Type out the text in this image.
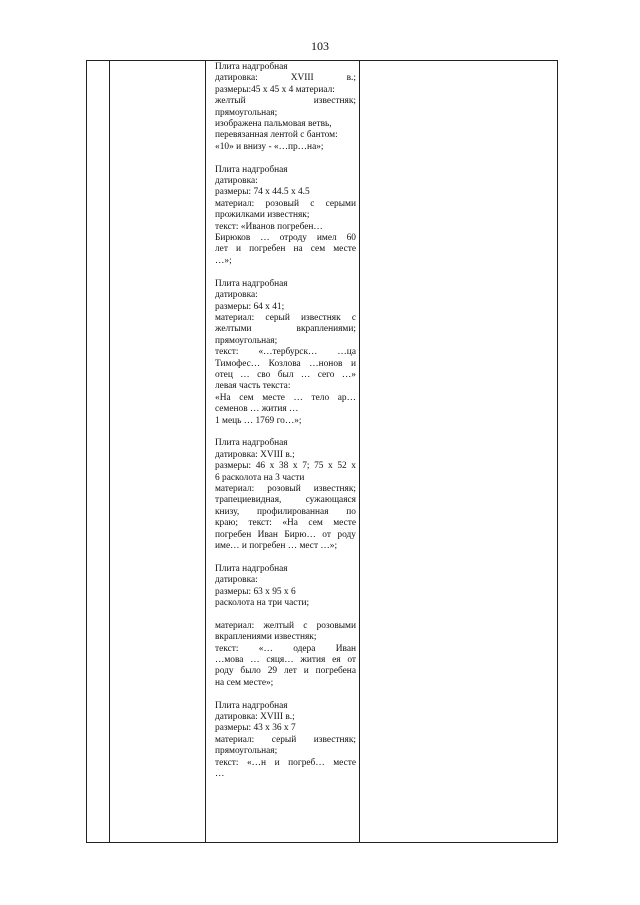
103
Плита надгробная
датировка: XVIII в.;
размеры:45 х 45 х 4 материал:
желтый известняк;
прямоугольная;
изображена пальмовая ветвь,
перевязанная лентой с бантом:
«10» и внизу - «…пр…на»;
Плита надгробная
датировка:
размеры: 74 х 44.5 х 4.5
материал: розовый с серыми
прожилками известняк;
текст: «Иванов погребен…
Бирюков … отроду имел 60
лет и погребен на сем месте
…»;
Плита надгробная
датировка:
размеры: 64 х 41;
материал: серый известняк с
желтыми вкраплениями;
прямоугольная;
текст: «…тербурск… …ца
Тимофес… Козлова …нонов и
отец … сво был … сего …»
левая часть текста:
«На сем месте … тело ар…
семенов … жития …
1 мець … 1769 го…»;
Плита надгробная
датировка: XVIII в.;
размеры: 46 х 38 х 7; 75 х 52 х
6 расколота на 3 части
материал: розовый известняк;
трапециевидная, сужающаяся
книзу, профилированная по
краю; текст: «На сем месте
погребен Иван Бирю… от роду
име… и погребен … мест …»;
Плита надгробная
датировка:
размеры: 63 х 95 х 6
расколота на три части;
материал: желтый с розовыми
вкраплениями известняк;
текст: «… одера Иван
…мова … сяця… жития ея от
роду было 29 лет и погребена
на сем месте»;
Плита надгробная
датировка: XVIII в.;
размеры: 43 х 36 х 7
материал: серый известняк;
прямоугольная;
текст: «…н и погреб… месте
…
